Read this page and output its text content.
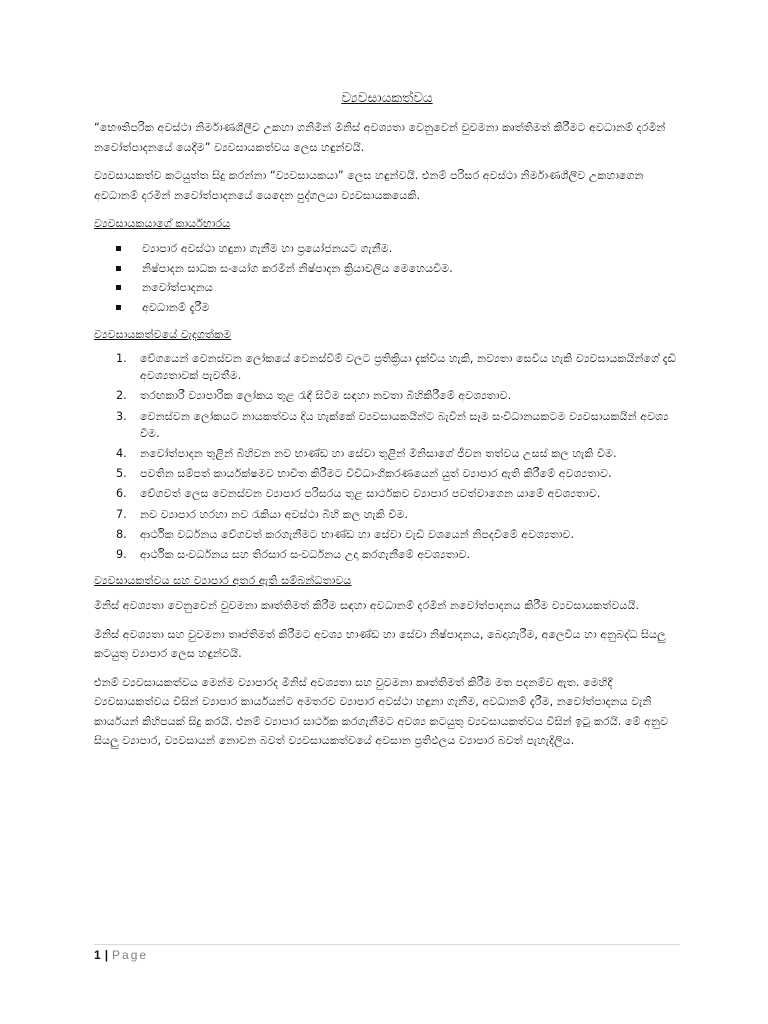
ව්‍යවසායකත්වය

“භෞතිපරික අවස්ථා නිර්මාණශීලීව උකහා ගනිමින් මිනිස් අවශ්‍යතා වෙනුවෙන් වුවමනා කෘත්තිමත් කිරීමට අවධානම් දරමින් නවෝත්පාදනයේ යෙදීම” ව්‍යවසායකත්වය ලෙස හඳුන්වයි.

ව්‍යවසායකත්ව කටයුත්ත සිදු කරන්නා “ව්‍යවසායකයා” ලෙස හඳුන්වයි. එනම් පරිසර අවස්ථා නිර්මාණශීලීව උකහාගෙන අවධානම් දරමින් නවෝත්පාදනයේ යෙදෙන පුද්ගලයා ව්‍යවසායකයෙකි.

ව්‍යවසායකයාගේ කාර්යභාරය
ව්‍යාපාර අවස්ථා හඳුනා ගැනීම හා ප්‍රයෝජනයට ගැනීම.
නිෂ්පාදන සාධක සංයෝග කරමින් නිෂ්පාදන ක්‍රියාවලිය මෙහෙයවීම.
නවෝත්පාදනය
අවධානම් දැරීම
ව්‍යවසායකත්වයේ වැදගත්කම
1. වේගයෙන් වෙනස්වන ලෝකයේ වෙනස්වීම් වලට ප්‍රතික්‍රියා දැක්විය හැකි, නව්‍යතා සෙවිය හැකි ව්‍යවසායකයින්ගේ දැඩි අවශ්‍යතාවක් පැවතීම.
2. තරඟකාරී ව්‍යාපාරික ලෝකය තුළ රැඳී සිටීම සඳහා නවතා බිහිකිරීමේ අවශ්‍යතාව.
3. වෙනස්වන ලෝකයට නායකත්වය දිය හැක්කේ ව්‍යවසායකයින්ට බැවින් සෑම සංවිධානයකටම ව්‍යවසායකයින් අවශ්‍ය වීම.
4. නවෝත්පාදන තුළින් බිහිවන නව භාණ්ඩ හා සේවා තුළින් මිනිසාගේ ජීවන තත්වය උසස් කල හැකි වීම.
5. පවතින සම්පත් කාර්යක්ෂමව භාවිත කිරීමට විවිධාංගීකරණයෙන් යුත් ව්‍යාපාර ඇති කිරීමේ අවශ්‍යතාව.
6. වේගවත් ලෙස වෙනස්වන ව්‍යාපාර පරිසරය තුළ සාර්ථකව ව්‍යාපාර පවත්වාගෙන යාමේ අවශ්‍යතාව.
7. නව ව්‍යාපාර හරහා නව රැකියා අවස්ථා බිහි කල හැකි වීම.
8. ආර්ථික වර්ධනය වේගවත් කරගැනීමට භාණ්ඩ හා සේවා වැඩි වශයෙන් නිපදවීමේ අවශ්‍යතාව.
9. ආර්ථික සංවර්ධනය සහ තිරසාර සංවර්ධනය උදා කරගැනීමේ අවශ්‍යතාව.
ව්‍යවසායකත්වය සහ ව්‍යාපාර අතර ඇති සම්බන්ධතාවය

මිනිස් අවශ්‍යතා වෙනුවෙන් වුවමනා කෘත්තිමත් කිරීම සඳහා අවධානම් දරමින් නවෝත්පාදනය කිරීම ව්‍යවසායකත්වයයි.

මිනිස් අවශ්‍යතා සහ වුවමනා තෘප්තිමත් කිරීමට අවශ්‍ය භාණ්ඩ හා සේවා නිෂ්පාදනය, බෙදාහැරීම, අලෙවිය හා අනුබද්ධ සියලු කටයුතු ව්‍යාපාර ලෙස හඳුන්වයි.

එනම් ව්‍යවසායකත්වය මෙන්ම ව්‍යාපාරද මිනිස් අවශ්‍යතා සහ වුවමනා කෘත්තිමත් කිරීම මත පදනම්ව ඇත. මෙහිදී ව්‍යවසායකත්වය විසින් ව්‍යාපාර කාර්යයන්ට අමතරව ව්‍යාපාර අවස්ථා හඳුනා ගැනීම, අවධානම් දැරීම, නවෝත්පාදනය වැනි කාර්යයන් කිහිපයක් සිදු කරයි. එනම් ව්‍යාපාර සාර්ථක කරගැනීමට අවශ්‍ය කටයුතු ව්‍යවසායකත්වය විසින් ඉටු කරයි. මේ අනුව සියලු ව්‍යාපාර, ව්‍යවසායන් නොවන බවත් ව්‍යවසායකත්වයේ අවසාන ප්‍රතිඵලය ව්‍යාපාර බවත් පැහැදිලිය.

1 | Page
